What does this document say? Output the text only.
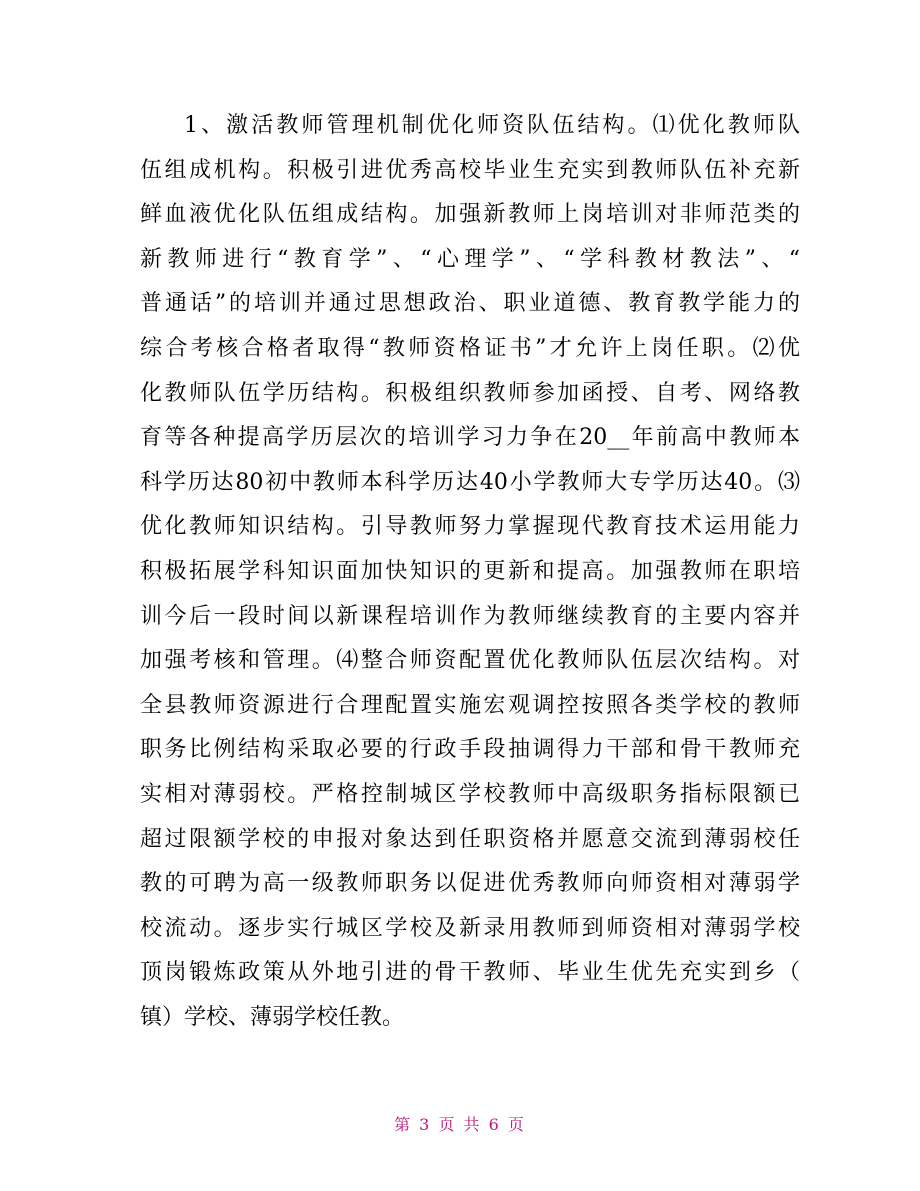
1、激活教师管理机制优化师资队伍结构。⑴优化教师队
伍组成机构。积极引进优秀高校毕业生充实到教师队伍补充新
鲜血液优化队伍组成结构。加强新教师上岗培训对非师范类的
新教师进行“教育学”、“心理学”、“学科教材教法”、“
普通话”的培训并通过思想政治、职业道德、教育教学能力的
综合考核合格者取得“教师资格证书”才允许上岗任职。⑵优
化教师队伍学历结构。积极组织教师参加函授、自考、网络教
育等各种提高学历层次的培训学习力争在20__年前高中教师本
科学历达80初中教师本科学历达40小学教师大专学历达40。⑶
优化教师知识结构。引导教师努力掌握现代教育技术运用能力
积极拓展学科知识面加快知识的更新和提高。加强教师在职培
训今后一段时间以新课程培训作为教师继续教育的主要内容并
加强考核和管理。⑷整合师资配置优化教师队伍层次结构。对
全县教师资源进行合理配置实施宏观调控按照各类学校的教师
职务比例结构采取必要的行政手段抽调得力干部和骨干教师充
实相对薄弱校。严格控制城区学校教师中高级职务指标限额已
超过限额学校的申报对象达到任职资格并愿意交流到薄弱校任
教的可聘为高一级教师职务以促进优秀教师向师资相对薄弱学
校流动。逐步实行城区学校及新录用教师到师资相对薄弱学校
顶岗锻炼政策从外地引进的骨干教师、毕业生优先充实到乡（
镇）学校、薄弱学校任教。
第 3 页 共 6 页
